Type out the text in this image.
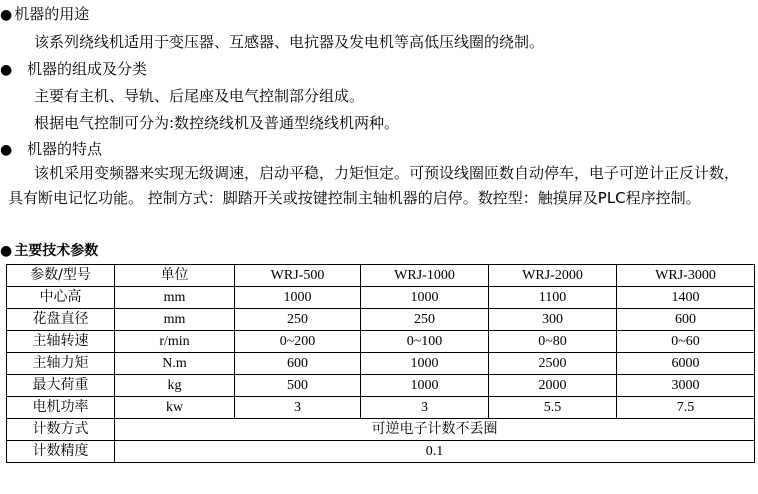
● 机器的用途
该系列绕线机适用于变压器、互感器、电抗器及发电机等高低压线圈的绕制。
● 机器的组成及分类
主要有主机、导轨、后尾座及电气控制部分组成。
根据电气控制可分为:数控绕线机及普通型绕线机两种。
● 机器的特点
该机采用变频器来实现无级调速，启动平稳，力矩恒定。可预设线圈匝数自动停车，电子可逆计正反计数，具有断电记忆功能。 控制方式：脚踏开关或按键控制主轴机器的启停。数控型：触摸屏及PLC程序控制。
● 主要技术参数
参数/型号	单位	WRJ-500	WRJ-1000	WRJ-2000	WRJ-3000
中心高	mm	1000	1000	1100	1400
花盘直径	mm	250	250	300	600
主轴转速	r/min	0~200	0~100	0~80	0~60
主轴力矩	N.m	600	1000	2500	6000
最大荷重	kg	500	1000	2000	3000
电机功率	kw	3	3	5.5	7.5
计数方式	可逆电子计数不丢圈				
计数精度	0.1				
